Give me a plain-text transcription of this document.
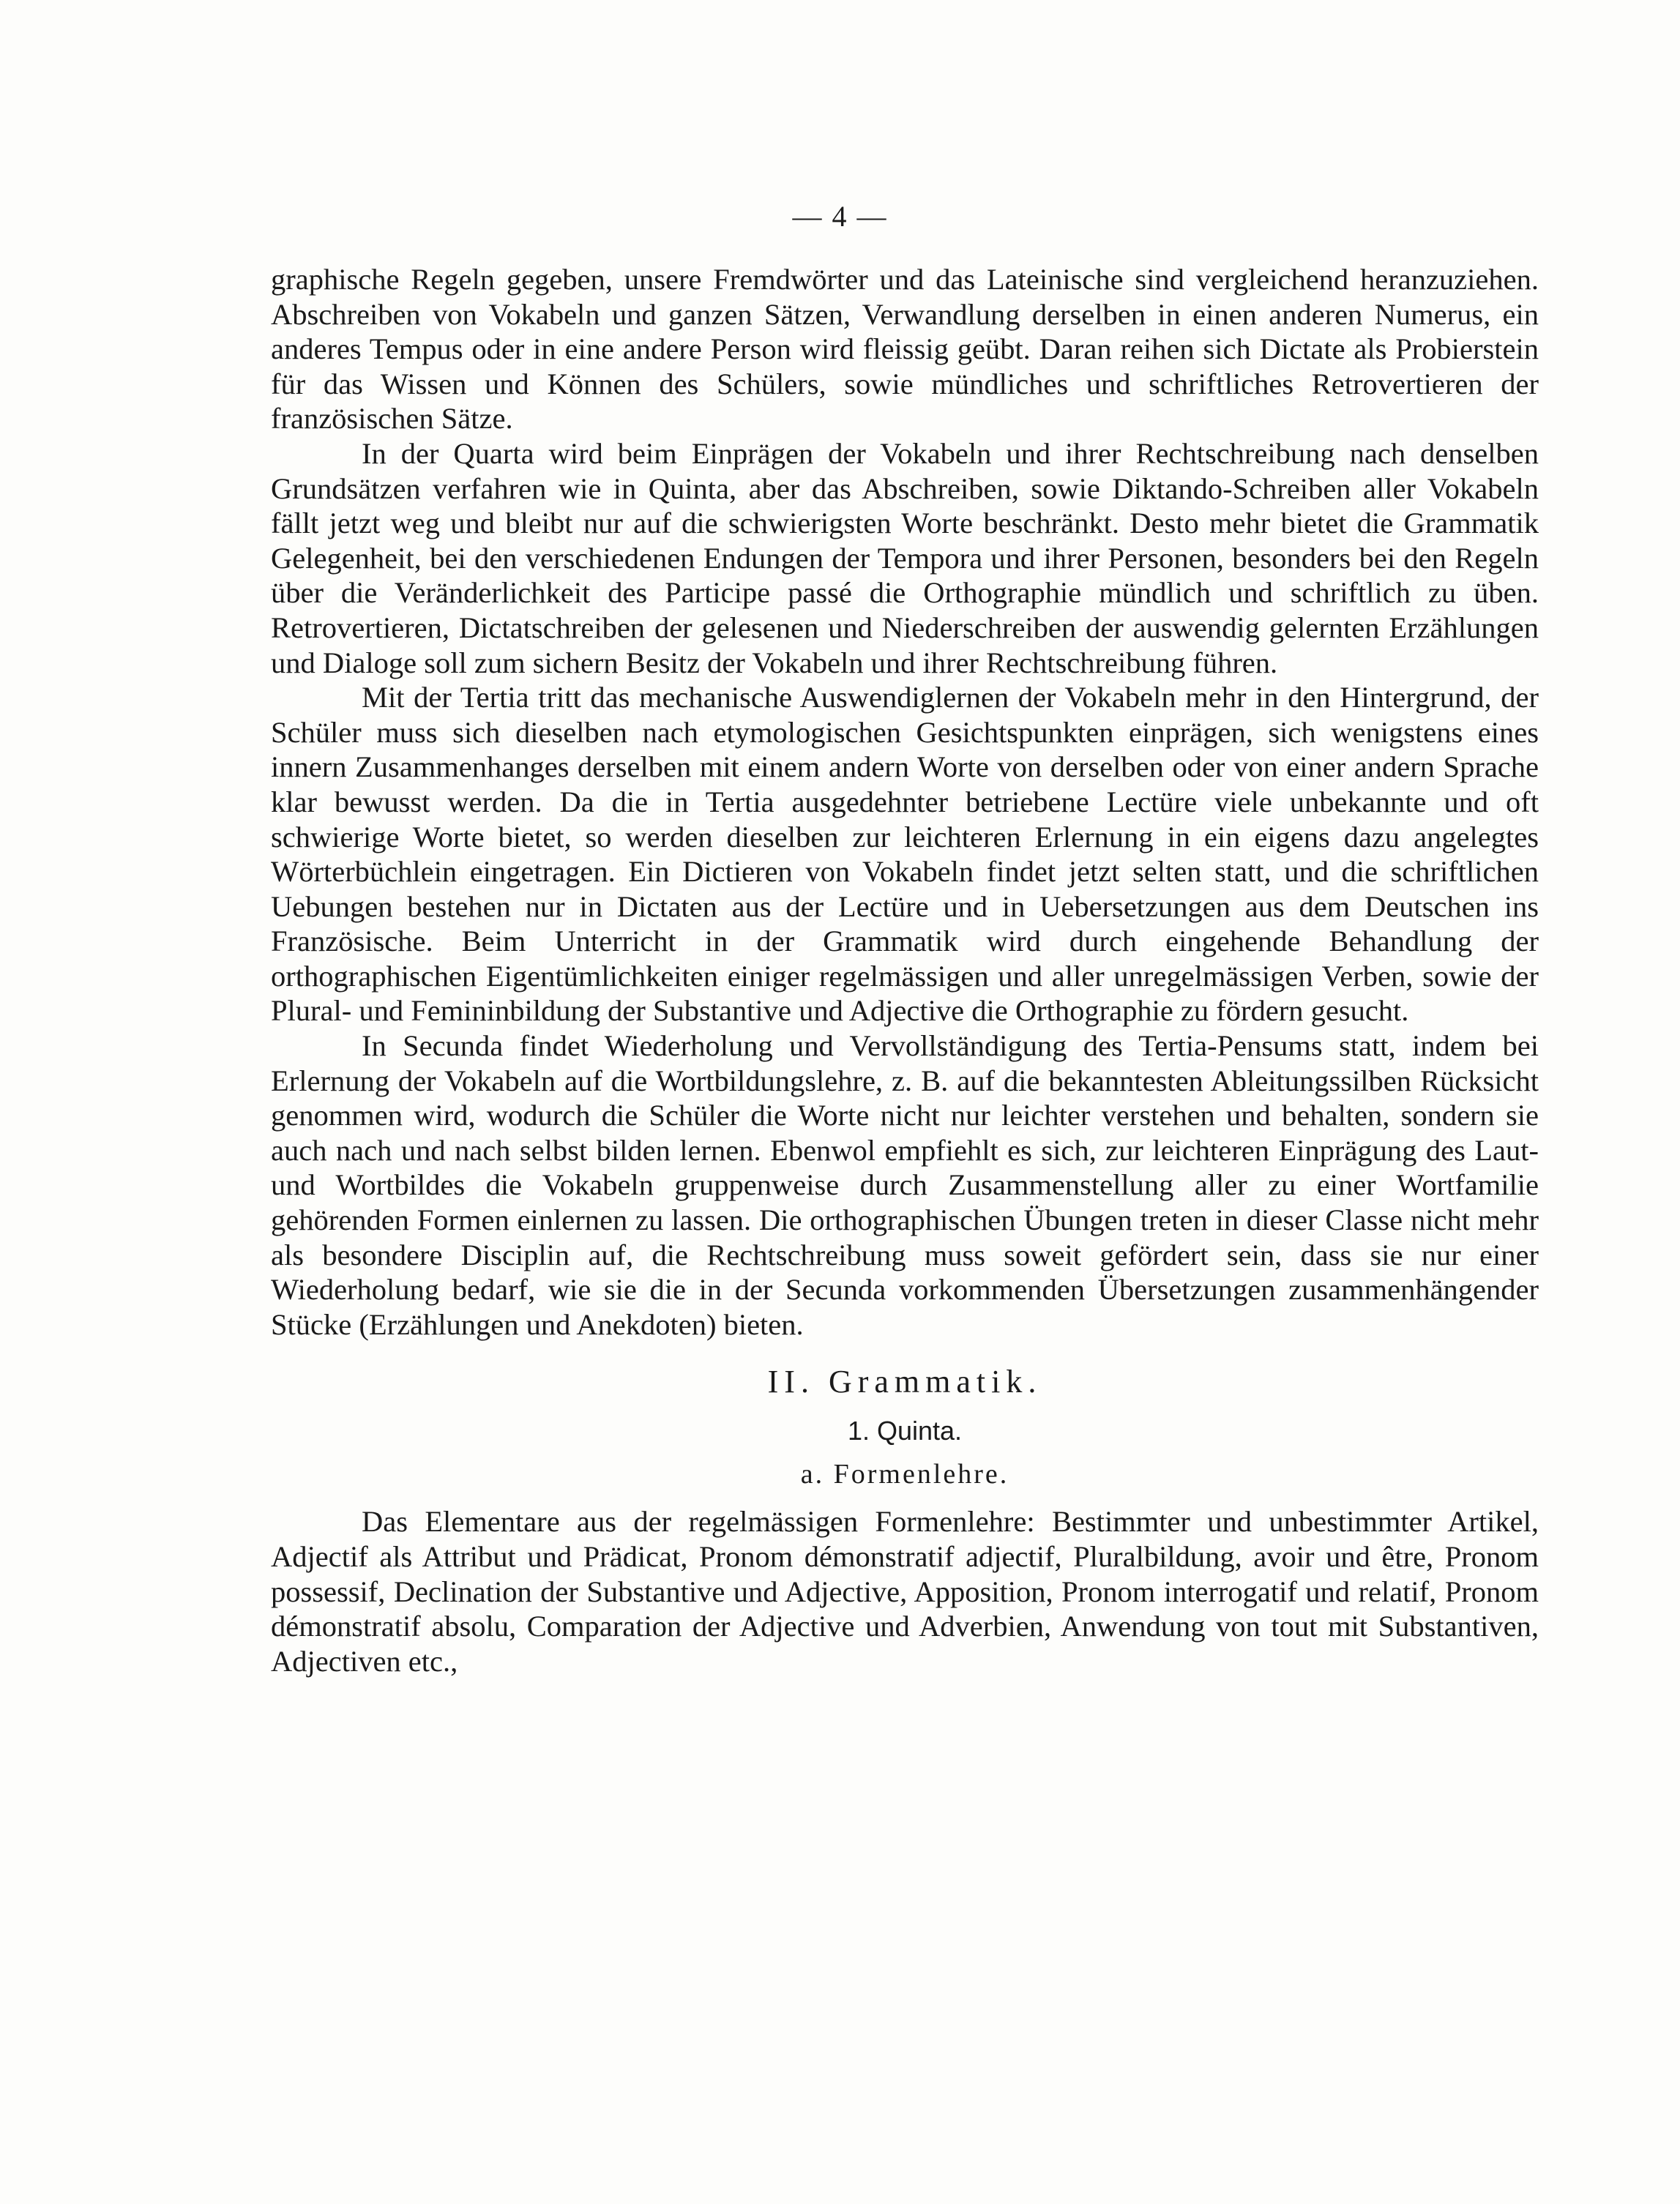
— 4 —

graphische Regeln gegeben, unsere Fremdwörter und das Lateinische sind vergleichend heranzuziehen. Abschreiben von Vokabeln und ganzen Sätzen, Verwandlung derselben in einen anderen Numerus, ein anderes Tempus oder in eine andere Person wird fleissig geübt. Daran reihen sich Dictate als Probierstein für das Wissen und Können des Schülers, sowie mündliches und schriftliches Retrovertieren der französischen Sätze.

In der Quarta wird beim Einprägen der Vokabeln und ihrer Rechtschreibung nach denselben Grundsätzen verfahren wie in Quinta, aber das Abschreiben, sowie Diktando-Schreiben aller Vokabeln fällt jetzt weg und bleibt nur auf die schwierigsten Worte beschränkt. Desto mehr bietet die Grammatik Gelegenheit, bei den verschiedenen Endungen der Tempora und ihrer Personen, besonders bei den Regeln über die Veränderlichkeit des Participe passé die Orthographie mündlich und schriftlich zu üben. Retrovertieren, Dictatschreiben der gelesenen und Niederschreiben der auswendig gelernten Erzählungen und Dialoge soll zum sichern Besitz der Vokabeln und ihrer Rechtschreibung führen.

Mit der Tertia tritt das mechanische Auswendiglernen der Vokabeln mehr in den Hintergrund, der Schüler muss sich dieselben nach etymologischen Gesichtspunkten einprägen, sich wenigstens eines innern Zusammenhanges derselben mit einem andern Worte von derselben oder von einer andern Sprache klar bewusst werden. Da die in Tertia ausgedehnter betriebene Lectüre viele unbekannte und oft schwierige Worte bietet, so werden dieselben zur leichteren Erlernung in ein eigens dazu angelegtes Wörterbüchlein eingetragen. Ein Dictieren von Vokabeln findet jetzt selten statt, und die schriftlichen Uebungen bestehen nur in Dictaten aus der Lectüre und in Uebersetzungen aus dem Deutschen ins Französische. Beim Unterricht in der Grammatik wird durch eingehende Behandlung der orthographischen Eigentümlichkeiten einiger regelmässigen und aller unregelmässigen Verben, sowie der Plural- und Femininbildung der Substantive und Adjective die Orthographie zu fördern gesucht.

In Secunda findet Wiederholung und Vervollständigung des Tertia-Pensums statt, indem bei Erlernung der Vokabeln auf die Wortbildungslehre, z. B. auf die bekanntesten Ableitungssilben Rücksicht genommen wird, wodurch die Schüler die Worte nicht nur leichter verstehen und behalten, sondern sie auch nach und nach selbst bilden lernen. Ebenwol empfiehlt es sich, zur leichteren Einprägung des Laut- und Wortbildes die Vokabeln gruppenweise durch Zusammenstellung aller zu einer Wortfamilie gehörenden Formen einlernen zu lassen. Die orthographischen Übungen treten in dieser Classe nicht mehr als besondere Disciplin auf, die Rechtschreibung muss soweit gefördert sein, dass sie nur einer Wiederholung bedarf, wie sie die in der Secunda vorkommenden Übersetzungen zusammenhängender Stücke (Erzählungen und Anekdoten) bieten.

II. Grammatik.
1. Quinta.
a. Formenlehre.

Das Elementare aus der regelmässigen Formenlehre: Bestimmter und unbestimmter Artikel, Adjectif als Attribut und Prädicat, Pronom démonstratif adjectif, Pluralbildung, avoir und être, Pronom possessif, Declination der Substantive und Adjective, Apposition, Pronom interrogatif und relatif, Pronom démonstratif absolu, Comparation der Adjective und Adverbien, Anwendung von tout mit Substantiven, Adjectiven etc.,
